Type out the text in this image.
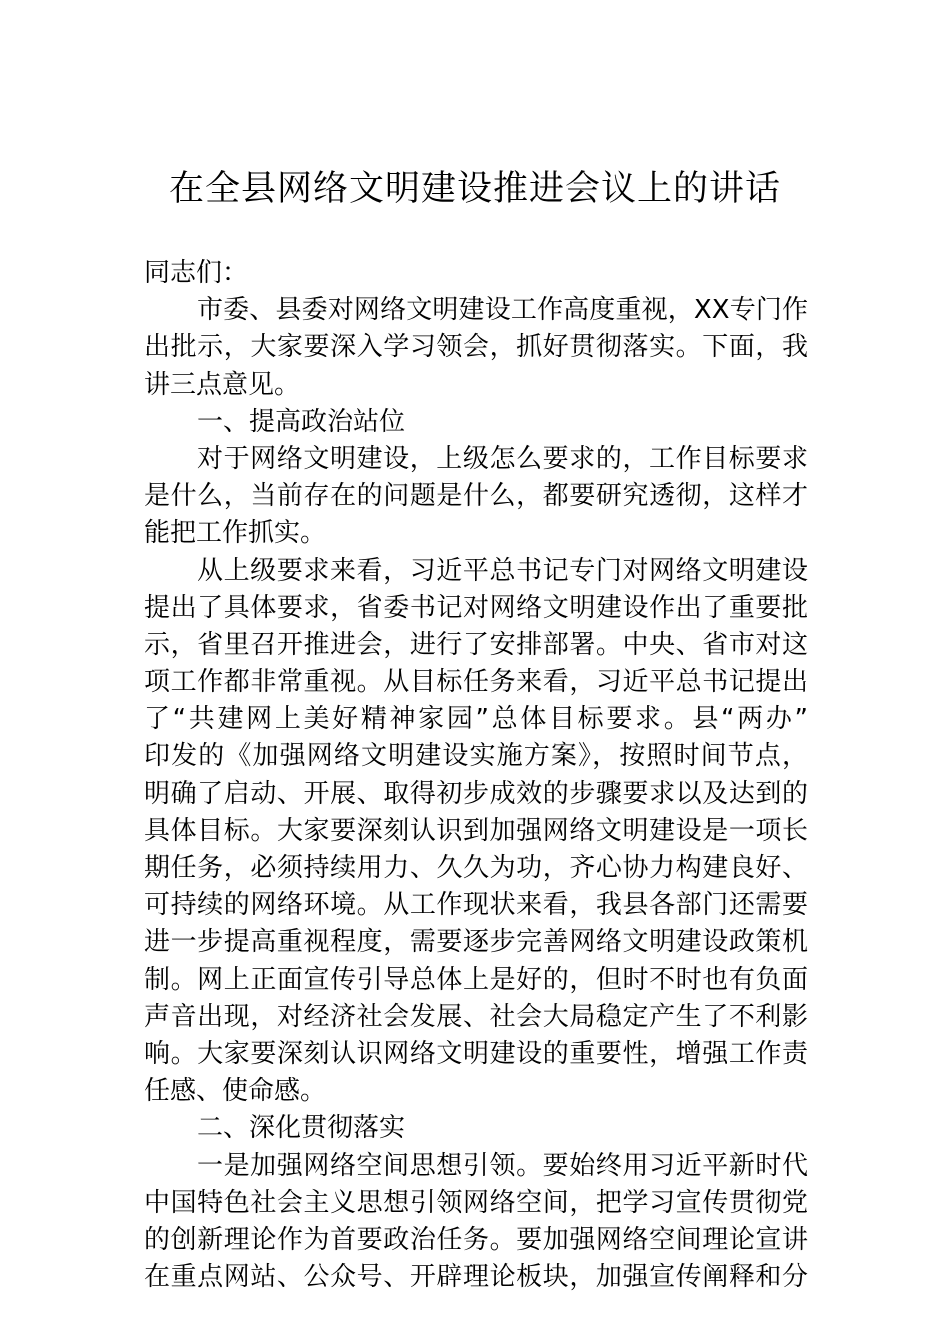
在全县网络文明建设推进会议上的讲话
同志们：
市委、县委对网络文明建设工作高度重视，XX专门作
出批示，大家要深入学习领会，抓好贯彻落实。下面，我
讲三点意见。
一、提高政治站位
对于网络文明建设，上级怎么要求的，工作目标要求
是什么，当前存在的问题是什么，都要研究透彻，这样才
能把工作抓实。
从上级要求来看，习近平总书记专门对网络文明建设
提出了具体要求，省委书记对网络文明建设作出了重要批
示，省里召开推进会，进行了安排部署。中央、省市对这
项工作都非常重视。从目标任务来看，习近平总书记提出
了“共建网上美好精神家园”总体目标要求。县“两办”
印发的《加强网络文明建设实施方案》，按照时间节点，
明确了启动、开展、取得初步成效的步骤要求以及达到的
具体目标。大家要深刻认识到加强网络文明建设是一项长
期任务，必须持续用力、久久为功，齐心协力构建良好、
可持续的网络环境。从工作现状来看，我县各部门还需要
进一步提高重视程度，需要逐步完善网络文明建设政策机
制。网上正面宣传引导总体上是好的，但时不时也有负面
声音出现，对经济社会发展、社会大局稳定产生了不利影
响。大家要深刻认识网络文明建设的重要性，增强工作责
任感、使命感。
二、深化贯彻落实
一是加强网络空间思想引领。要始终用习近平新时代
中国特色社会主义思想引领网络空间，把学习宣传贯彻党
的创新理论作为首要政治任务。要加强网络空间理论宣讲
在重点网站、公众号、开辟理论板块，加强宣传阐释和分
